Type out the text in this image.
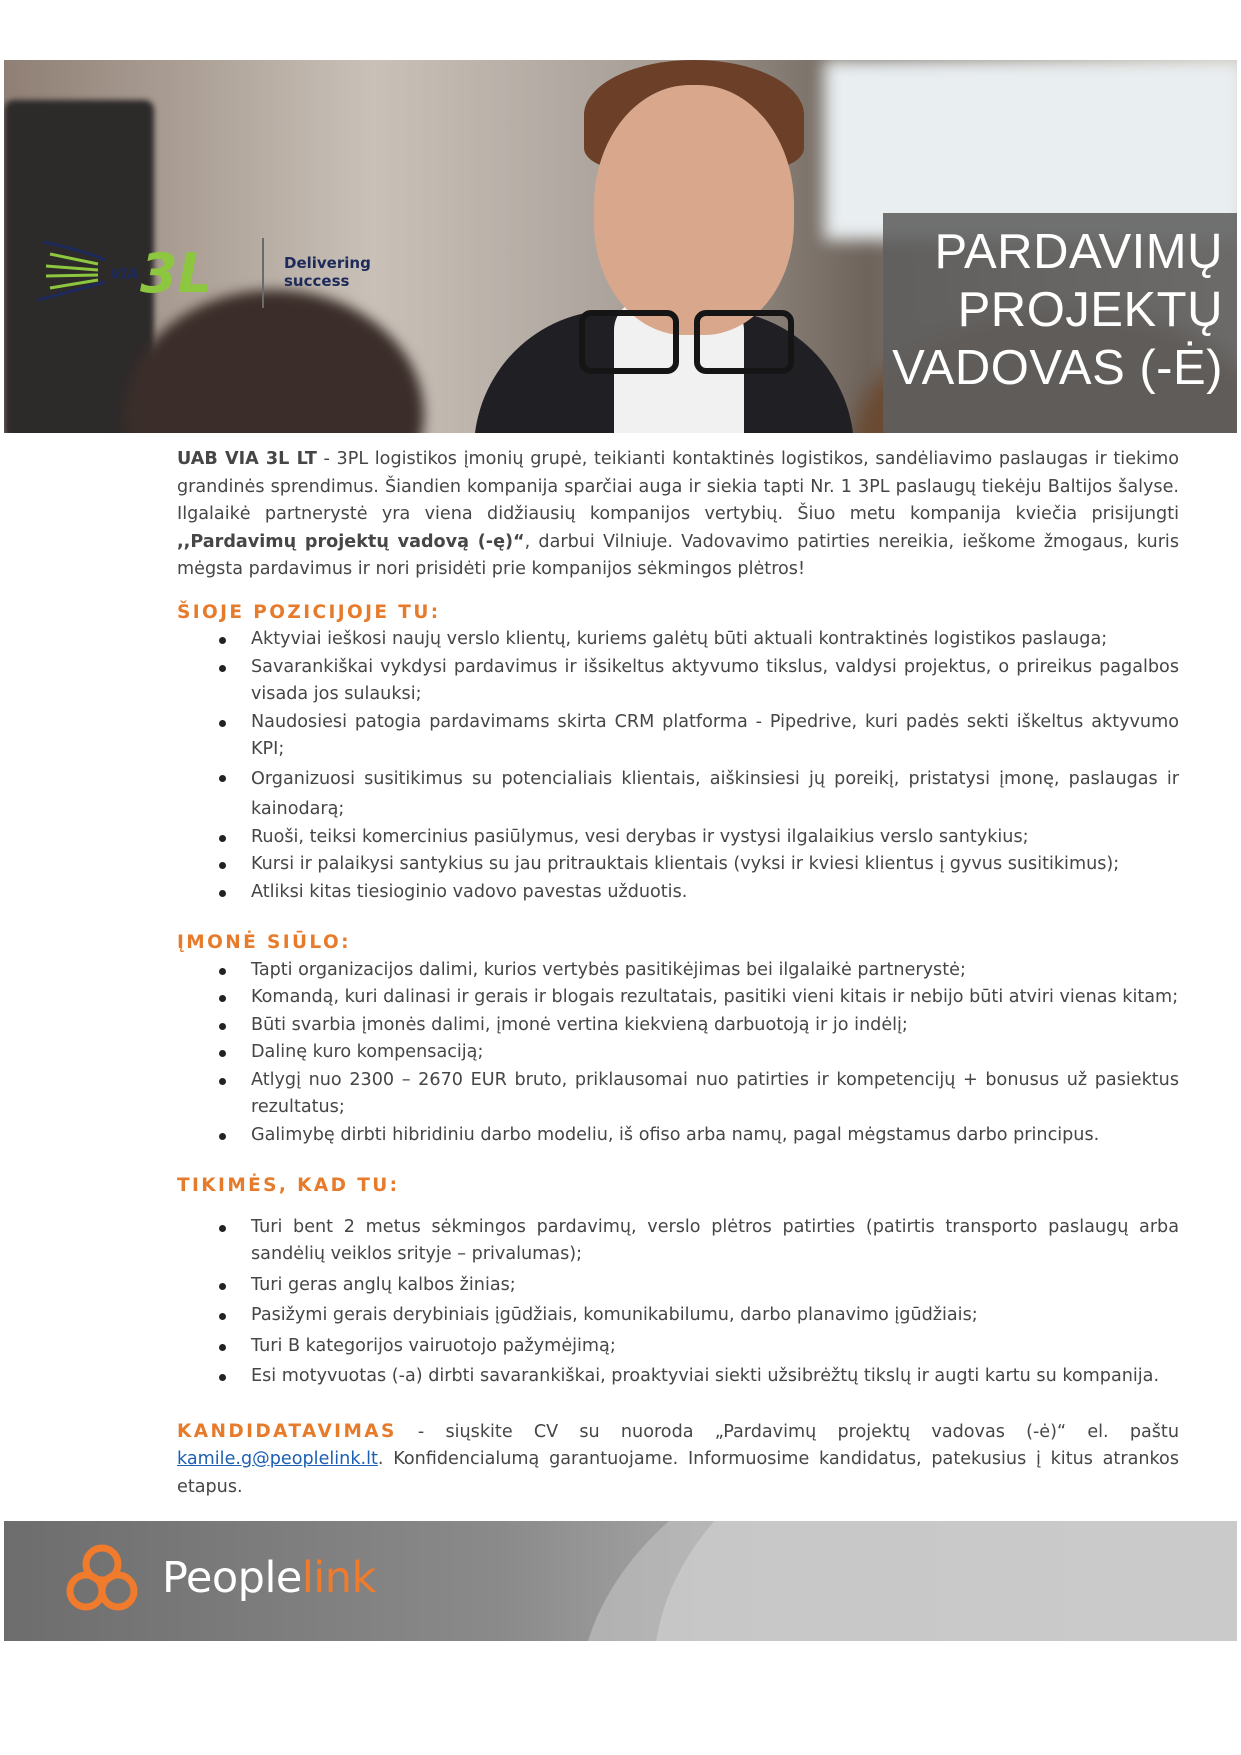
VIA 3L	Delivering
success
PARDAVIMŲ
PROJEKTŲ
VADOVAS (-Ė)

UAB VIA 3L LT - 3PL logistikos įmonių grupė, teikianti kontaktinės logistikos, sandėliavimo paslaugas ir tiekimo grandinės sprendimus. Šiandien kompanija sparčiai auga ir siekia tapti Nr. 1 3PL paslaugų tiekėju Baltijos šalyse. Ilgalaikė partnerystė yra viena didžiausių kompanijos vertybių. Šiuo metu kompanija kviečia prisijungti ,,Pardavimų projektų vadovą (-ę)“, darbui Vilniuje. Vadovavimo patirties nereikia, ieškome žmogaus, kuris mėgsta pardavimus ir nori prisidėti prie kompanijos sėkmingos plėtros!

ŠIOJE POZICIJOJE TU:
Aktyviai ieškosi naujų verslo klientų, kuriems galėtų būti aktuali kontraktinės logistikos paslauga;
Savarankiškai vykdysi pardavimus ir išsikeltus aktyvumo tikslus, valdysi projektus, o prireikus pagalbos visada jos sulauksi;
Naudosiesi patogia pardavimams skirta CRM platforma - Pipedrive, kuri padės sekti iškeltus aktyvumo KPI;
Organizuosi susitikimus su potencialiais klientais, aiškinsiesi jų poreikį, pristatysi įmonę, paslaugas ir kainodarą;
Ruoši, teiksi komercinius pasiūlymus, vesi derybas ir vystysi ilgalaikius verslo santykius;
Kursi ir palaikysi santykius su jau pritrauktais klientais (vyksi ir kviesi klientus į gyvus susitikimus);
Atliksi kitas tiesioginio vadovo pavestas užduotis.
ĮMONĖ SIŪLO:
Tapti organizacijos dalimi, kurios vertybės pasitikėjimas bei ilgalaikė partnerystė;
Komandą, kuri dalinasi ir gerais ir blogais rezultatais, pasitiki vieni kitais ir nebijo būti atviri vienas kitam;
Būti svarbia įmonės dalimi, įmonė vertina kiekvieną darbuotoją ir jo indėlį;
Dalinę kuro kompensaciją;
Atlygį nuo 2300 – 2670 EUR bruto, priklausomai nuo patirties ir kompetencijų + bonusus už pasiektus rezultatus;
Galimybę dirbti hibridiniu darbo modeliu, iš ofiso arba namų, pagal mėgstamus darbo principus.
TIKIMĖS, KAD TU:
Turi bent 2 metus sėkmingos pardavimų, verslo plėtros patirties (patirtis transporto paslaugų arba sandėlių veiklos srityje – privalumas);
Turi geras anglų kalbos žinias;
Pasižymi gerais derybiniais įgūdžiais, komunikabilumu, darbo planavimo įgūdžiais;
Turi B kategorijos vairuotojo pažymėjimą;
Esi motyvuotas (-a) dirbti savarankiškai, proaktyviai siekti užsibrėžtų tikslų ir augti kartu su kompanija.

KANDIDATAVIMAS - siųskite CV su nuoroda „Pardavimų projektų vadovas (-ė)“ el. paštu kamile.g@peoplelink.lt. Konfidencialumą garantuojame. Informuosime kandidatus, patekusius į kitus atrankos etapus.

Peoplelink
